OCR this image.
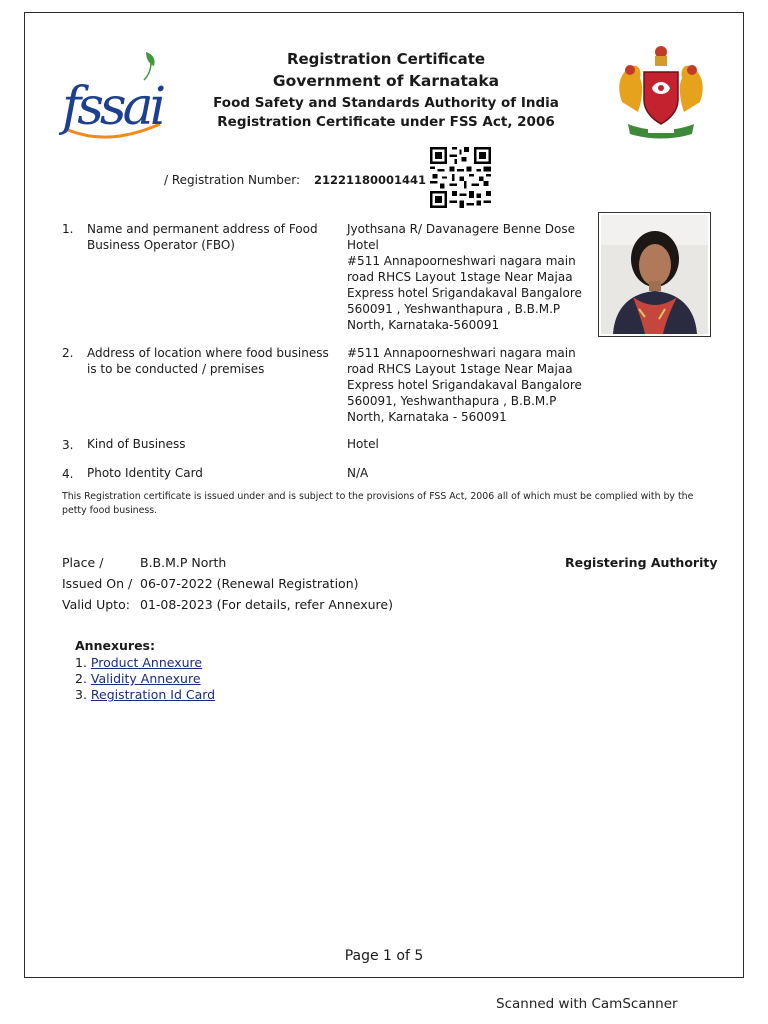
fssai
Registration Certificate
Government of Karnataka
Food Safety and Standards Authority of India
Registration Certificate under FSS Act, 2006
/ Registration Number: 21221180001441
1. Name and permanent address of Food Business Operator (FBO)
Jyothsana R/ Davanagere Benne Dose Hotel
#511 Annapoorneshwari nagara main road RHCS Layout 1stage Near Majaa Express hotel Srigandakaval Bangalore 560091 , Yeshwanthapura , B.B.M.P North, Karnataka-560091
2. Address of location where food business is to be conducted / premises
#511 Annapoorneshwari nagara main road RHCS Layout 1stage Near Majaa Express hotel Srigandakaval Bangalore 560091, Yeshwanthapura , B.B.M.P North, Karnataka - 560091
3. Kind of Business	Hotel
4. Photo Identity Card	N/A
This Registration certificate is issued under and is subject to the provisions of FSS Act, 2006 all of which must be complied with by the petty food business.
Place /	B.B.M.P North	Registering Authority
Issued On / 06-07-2022 (Renewal Registration)
Valid Upto: 01-08-2023 (For details, refer Annexure)
Annexures:
1. Product Annexure
2. Validity Annexure
3. Registration Id Card
Page 1 of 5
Scanned with CamScanner
